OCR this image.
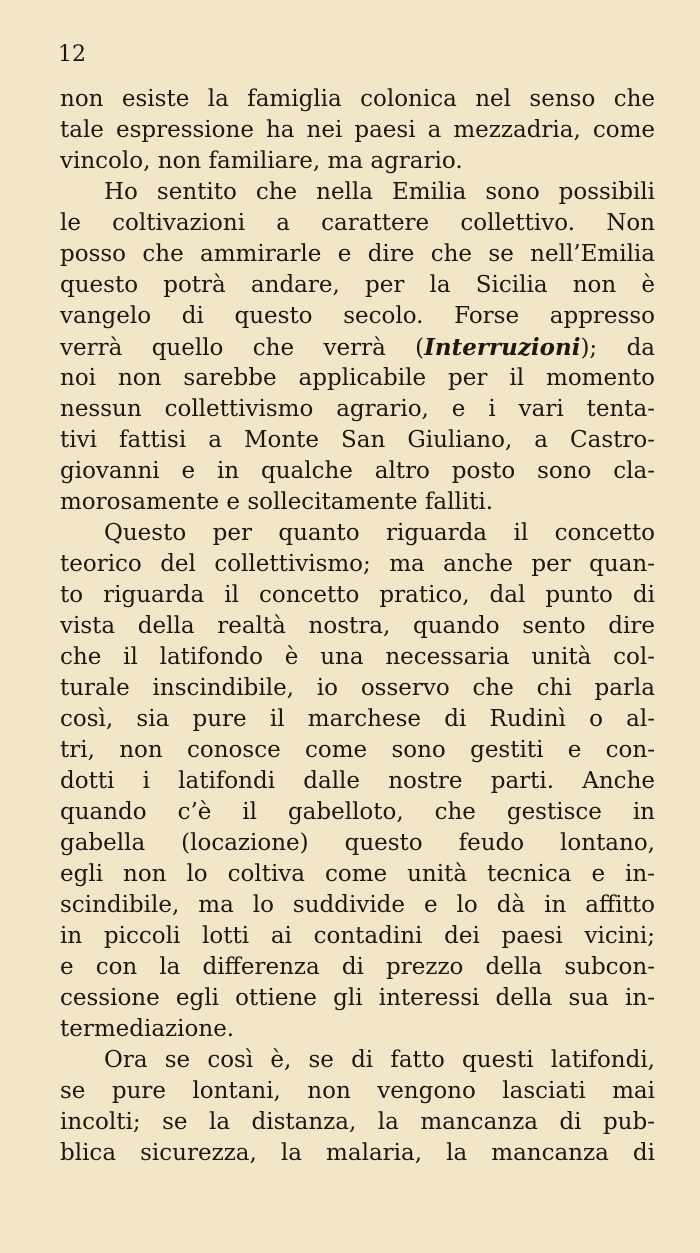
12
non esiste la famiglia colonica nel senso che
tale espressione ha nei paesi a mezzadria, come
vincolo, non familiare, ma agrario.
Ho sentito che nella Emilia sono possibili
le coltivazioni a carattere collettivo. Non
posso che ammirarle e dire che se nell’Emilia
questo potrà andare, per la Sicilia non è
vangelo di questo secolo. Forse appresso
verrà quello che verrà (Interruzioni); da
noi non sarebbe applicabile per il momento
nessun collettivismo agrario, e i vari tenta-
tivi fattisi a Monte San Giuliano, a Castro-
giovanni e in qualche altro posto sono cla-
morosamente e sollecitamente falliti.
Questo per quanto riguarda il concetto
teorico del collettivismo; ma anche per quan-
to riguarda il concetto pratico, dal punto di
vista della realtà nostra, quando sento dire
che il latifondo è una necessaria unità col-
turale inscindibile, io osservo che chi parla
così, sia pure il marchese di Rudinì o al-
tri, non conosce come sono gestiti e con-
dotti i latifondi dalle nostre parti. Anche
quando c’è il gabelloto, che gestisce in
gabella (locazione) questo feudo lontano,
egli non lo coltiva come unità tecnica e in-
scindibile, ma lo suddivide e lo dà in affitto
in piccoli lotti ai contadini dei paesi vicini;
e con la differenza di prezzo della subcon-
cessione egli ottiene gli interessi della sua in-
termediazione.
Ora se così è, se di fatto questi latifondi,
se pure lontani, non vengono lasciati mai
incolti; se la distanza, la mancanza di pub-
blica sicurezza, la malaria, la mancanza di
